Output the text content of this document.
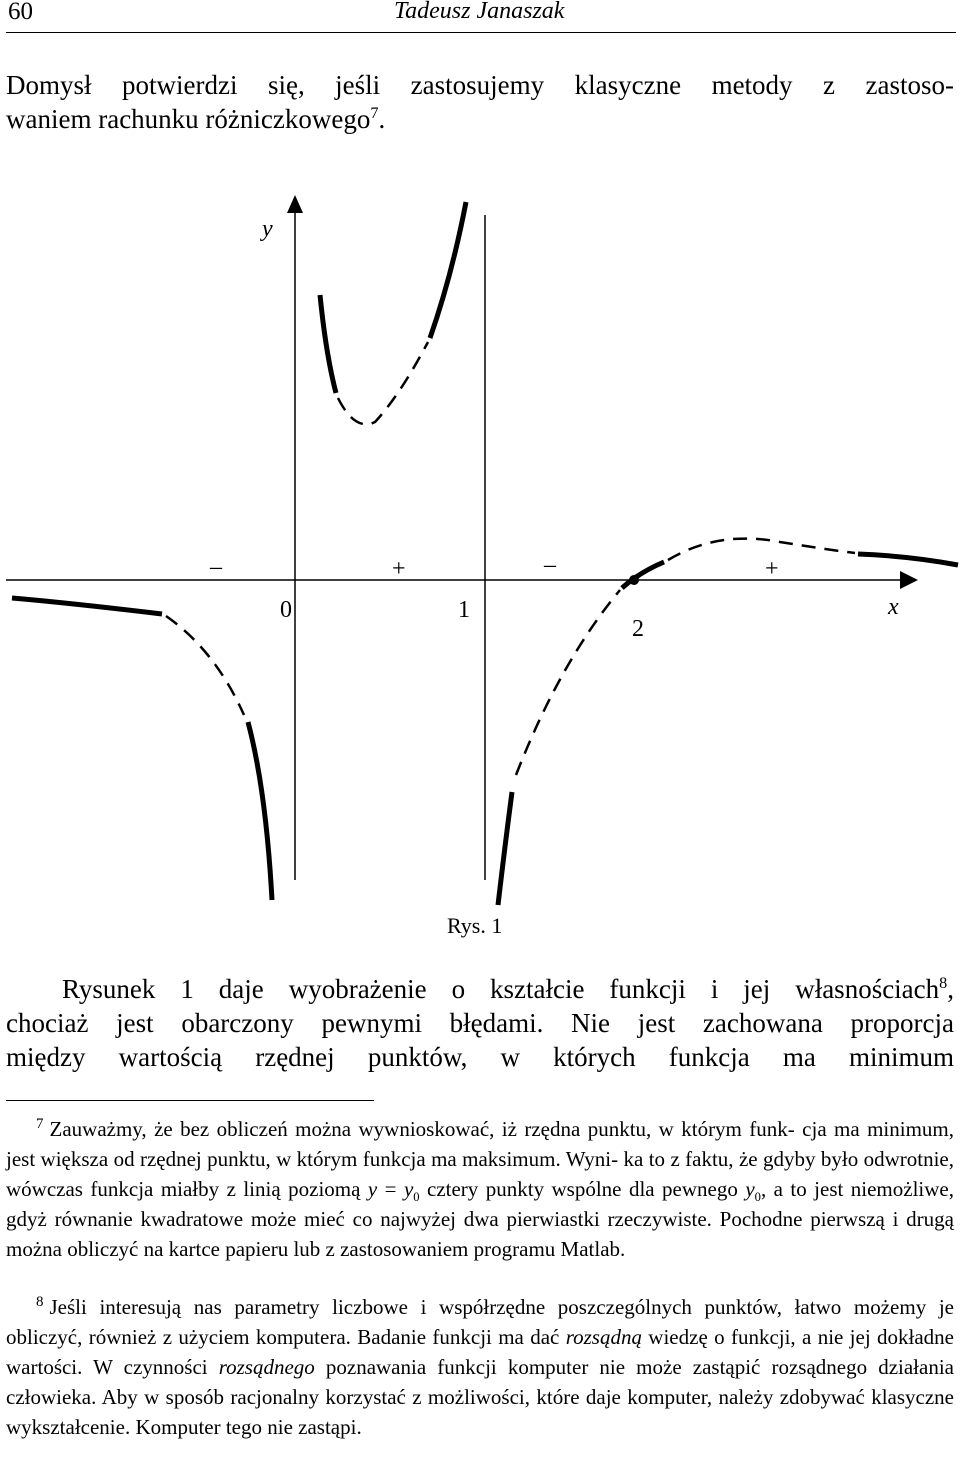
60	Tadeusz Janaszak
Domysł potwierdzi się, jeśli zastosujemy klasyczne metody z zastoso-
waniem rachunku różniczkowego$^7$.
y
x
0	1
2
–	+	–	+
Rys. 1
Rysunek 1 daje wyobrażenie o kształcie funkcji i jej własnościach$^8$,
chociaż jest obarczony pewnymi błędami. Nie jest zachowana proporcja
między wartością rzędnej punktów, w których funkcja ma minimum
$^7$ Zauważmy, że bez obliczeń można wywnioskować, iż rzędna punktu, w którym funk- cja ma minimum, jest większa od rzędnej punktu, w którym funkcja ma maksimum. Wyni- ka to z faktu, że gdyby było odwrotnie, wówczas funkcja miałby z linią poziomą $y = y_0$ cztery punkty wspólne dla pewnego $y_0$, a to jest niemożliwe, gdyż równanie kwadratowe może mieć co najwyżej dwa pierwiastki rzeczywiste. Pochodne pierwszą i drugą można obliczyć na kartce papieru lub z zastosowaniem programu Matlab.
$^8$ Jeśli interesują nas parametry liczbowe i współrzędne poszczególnych punktów, łatwo możemy je obliczyć, również z użyciem komputera. Badanie funkcji ma dać rozsądną wiedzę o funkcji, a nie jej dokładne wartości. W czynności rozsądnego poznawania funkcji komputer nie może zastąpić rozsądnego działania człowieka. Aby w sposób racjonalny korzystać z możliwości, które daje komputer, należy zdobywać klasyczne wykształcenie. Komputer tego nie zastąpi.
